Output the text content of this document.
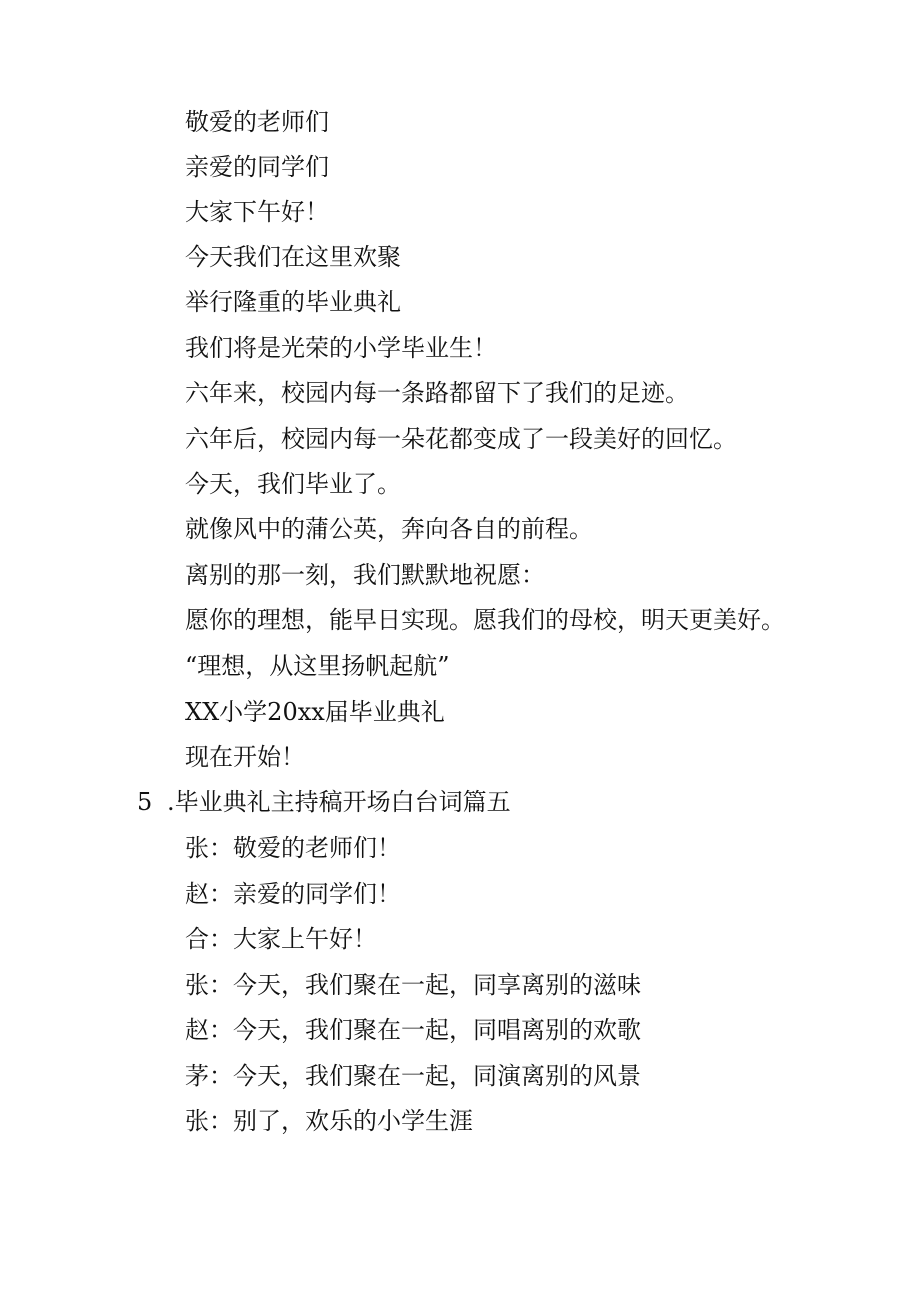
敬爱的老师们
亲爱的同学们
大家下午好！
今天我们在这里欢聚
举行隆重的毕业典礼
我们将是光荣的小学毕业生！
六年来，校园内每一条路都留下了我们的足迹。
六年后，校园内每一朵花都变成了一段美好的回忆。
今天，我们毕业了。
就像风中的蒲公英，奔向各自的前程。
离别的那一刻，我们默默地祝愿：
愿你的理想，能早日实现。愿我们的母校，明天更美好。
“理想，从这里扬帆起航”
XX小学20xx届毕业典礼
现在开始！
5 .毕业典礼主持稿开场白台词篇五
张：敬爱的老师们！
赵：亲爱的同学们！
合：大家上午好！
张：今天，我们聚在一起，同享离别的滋味
赵：今天，我们聚在一起，同唱离别的欢歌
茅：今天，我们聚在一起，同演离别的风景
张：别了，欢乐的小学生涯
